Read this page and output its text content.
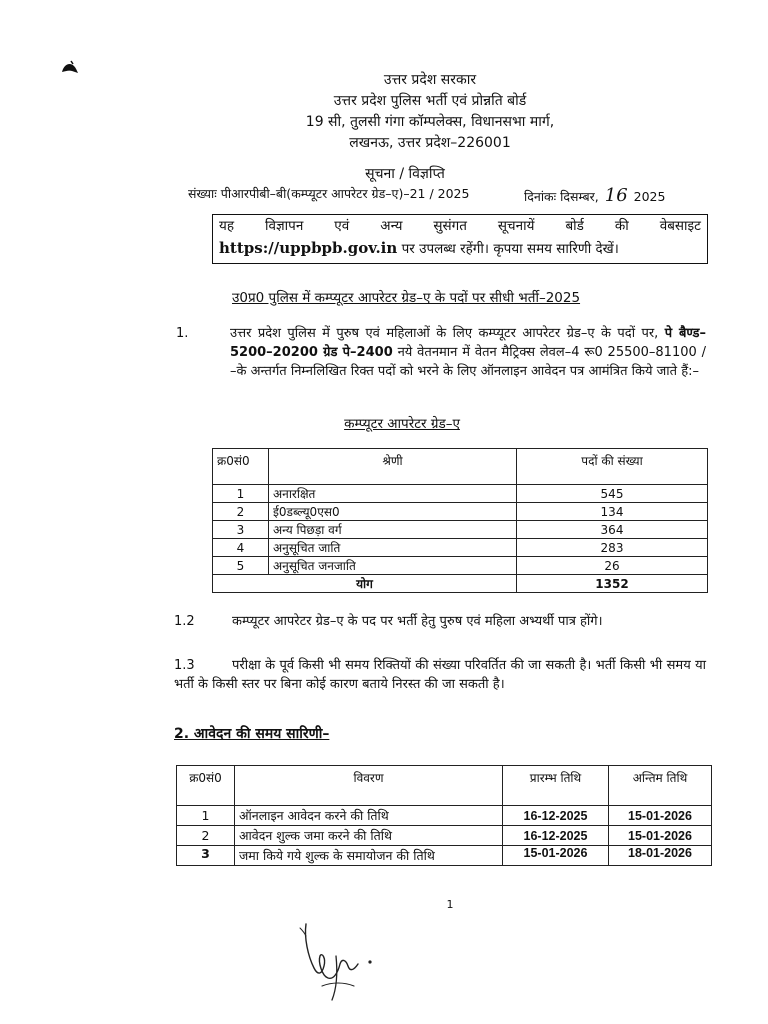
उत्तर प्रदेश सरकार
उत्तर प्रदेश पुलिस भर्ती एवं प्रोन्नति बोर्ड
19 सी, तुलसी गंगा कॉम्पलेक्स, विधानसभा मार्ग,
लखनऊ, उत्तर प्रदेश–226001
सूचना / विज्ञप्ति
संख्याः पीआरपीबी–बी(कम्प्यूटर आपरेटर ग्रेड–ए)–21 / 2025	दिनांकः दिसम्बर, 16 2025
यह विज्ञापन एवं अन्य सुसंगत सूचनायें बोर्ड की वेबसाइट
https://uppbpb.gov.in पर उपलब्ध रहेंगी। कृपया समय सारिणी देखें।
उ0प्र0 पुलिस में कम्प्यूटर आपरेटर ग्रेड–ए के पदों पर सीधी भर्ती–2025
1.	उत्तर प्रदेश पुलिस में पुरुष एवं महिलाओं के लिए कम्प्यूटर आपरेटर ग्रेड–ए के पदों पर, पे बैण्ड–5200–20200 ग्रेड पे–2400 नये वेतनमान में वेतन मैट्रिक्स लेवल–4 रू0 25500–81100 / –के अन्तर्गत निम्नलिखित रिक्त पदों को भरने के लिए ऑनलाइन आवेदन पत्र आमंत्रित किये जाते हैं:–
कम्प्यूटर आपरेटर ग्रेड–ए
क्र0सं0	श्रेणी	पदों की संख्या
1	अनारक्षित	545
2	ई0डब्ल्यू0एस0	134
3	अन्य पिछड़ा वर्ग	364
4	अनुसूचित जाति	283
5	अनुसूचित जनजाति	26
योग		1352
1.2	कम्प्यूटर आपरेटर ग्रेड–ए के पद पर भर्ती हेतु पुरुष एवं महिला अभ्यर्थी पात्र होंगे।
1.3	परीक्षा के पूर्व किसी भी समय रिक्तियों की संख्या परिवर्तित की जा सकती है। भर्ती किसी भी समय या भर्ती के किसी स्तर पर बिना कोई कारण बताये निरस्त की जा सकती है।
2. आवेदन की समय सारिणी–
क्र0सं0	विवरण	प्रारम्भ तिथि	अन्तिम तिथि
1	ऑनलाइन आवेदन करने की तिथि	16-12-2025	15-01-2026
2	आवेदन शुल्क जमा करने की तिथि	16-12-2025	15-01-2026
3	जमा किये गये शुल्क के समायोजन की तिथि	15-01-2026	18-01-2026
1
